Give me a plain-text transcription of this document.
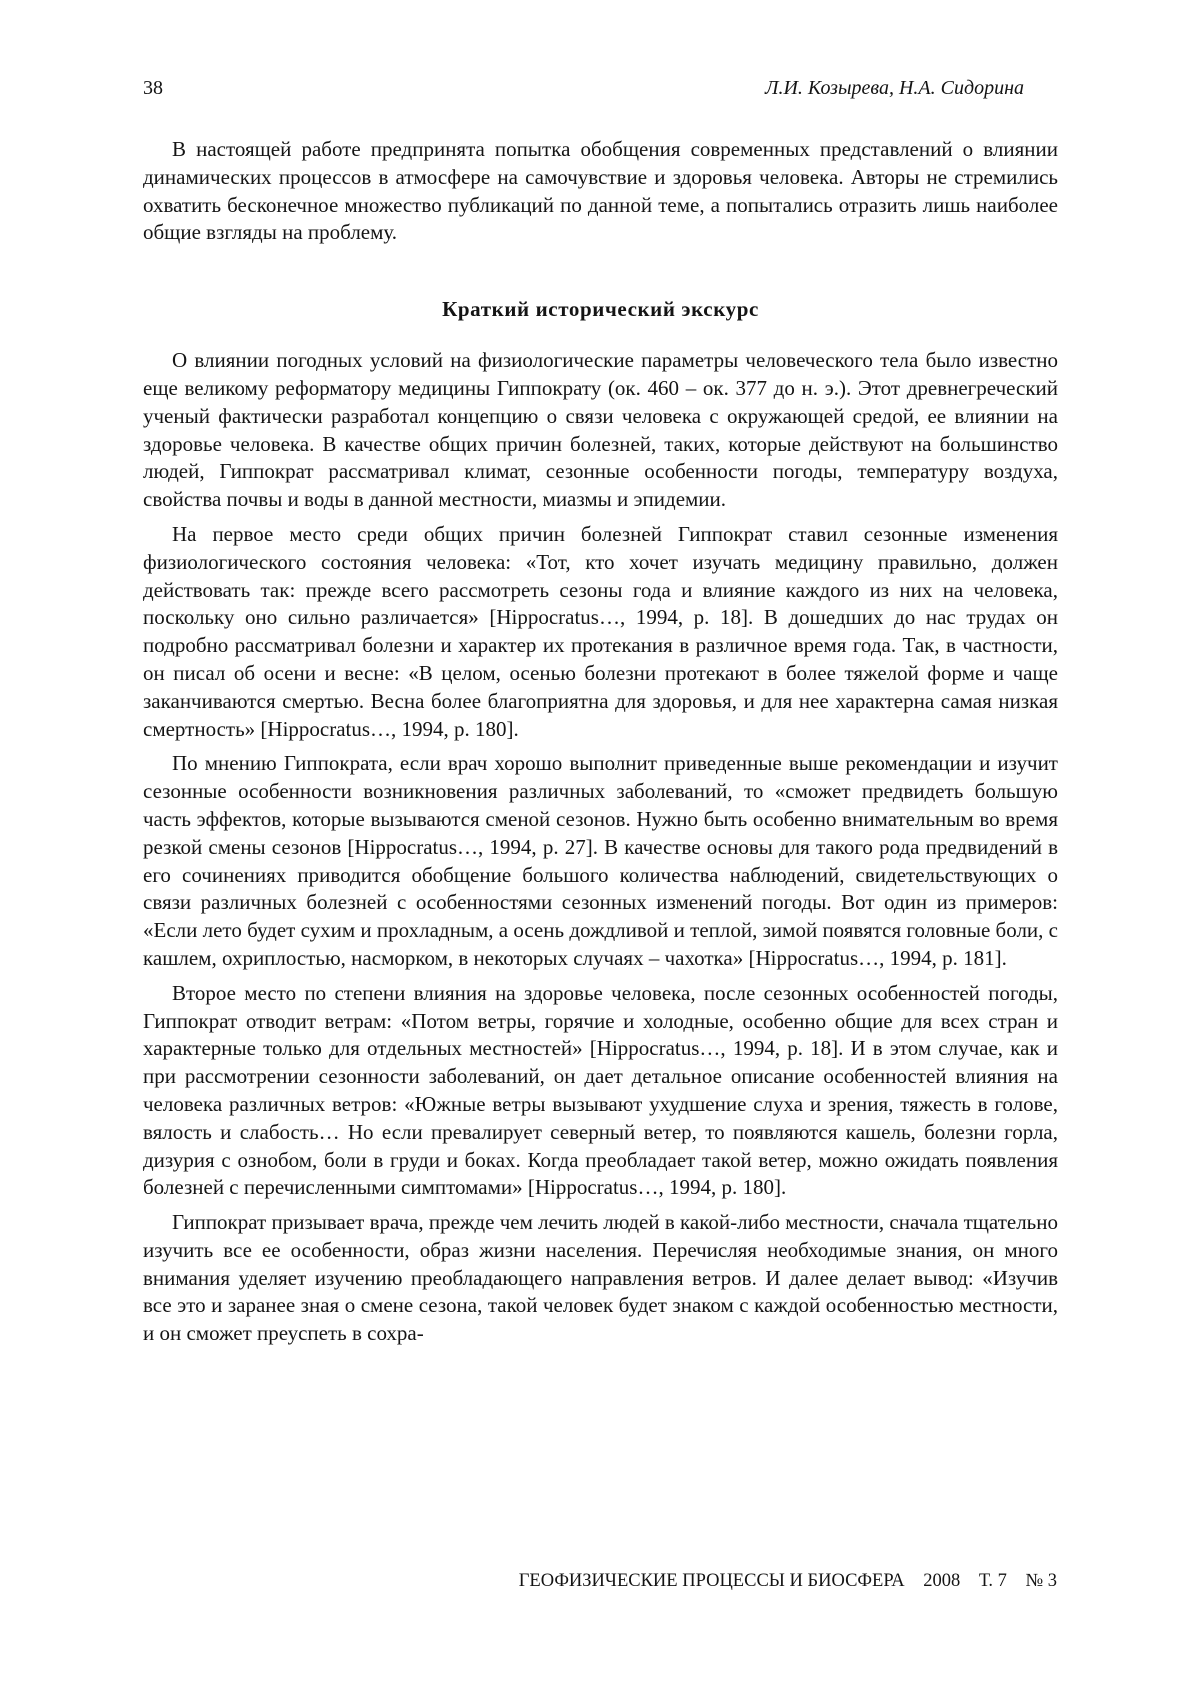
38	Л.И. Козырева, Н.А. Сидорина

В настоящей работе предпринята попытка обобщения современных представлений о влиянии динамических процессов в атмосфере на самочувствие и здоровья человека. Авторы не стремились охватить бесконечное множество публикаций по данной теме, а попытались отразить лишь наиболее общие взгляды на проблему.

Краткий исторический экскурс

О влиянии погодных условий на физиологические параметры человеческого тела было известно еще великому реформатору медицины Гиппократу (ок. 460 – ок. 377 до н. э.). Этот древнегреческий ученый фактически разработал концепцию о связи человека с окружающей средой, ее влиянии на здоровье человека. В качестве общих причин болезней, таких, которые действуют на большинство людей, Гиппократ рассматривал климат, сезонные особенности погоды, температуру воздуха, свойства почвы и воды в данной местности, миазмы и эпидемии.

На первое место среди общих причин болезней Гиппократ ставил сезонные изменения физиологического состояния человека: «Тот, кто хочет изучать медицину правильно, должен действовать так: прежде всего рассмотреть сезоны года и влияние каждого из них на человека, поскольку оно сильно различается» [Hippocratus…, 1994, p. 18]. В дошедших до нас трудах он подробно рассматривал болезни и характер их протекания в различное время года. Так, в частности, он писал об осени и весне: «В целом, осенью болезни протекают в более тяжелой форме и чаще заканчиваются смертью. Весна более благоприятна для здоровья, и для нее характерна самая низкая смертность» [Hippocratus…, 1994, p. 180].

По мнению Гиппократа, если врач хорошо выполнит приведенные выше рекомендации и изучит сезонные особенности возникновения различных заболеваний, то «сможет предвидеть большую часть эффектов, которые вызываются сменой сезонов. Нужно быть особенно внимательным во время резкой смены сезонов [Hippocratus…, 1994, p. 27]. В качестве основы для такого рода предвидений в его сочинениях приводится обобщение большого количества наблюдений, свидетельствующих о связи различных болезней с особенностями сезонных изменений погоды. Вот один из примеров: «Если лето будет сухим и прохладным, а осень дождливой и теплой, зимой появятся головные боли, с кашлем, охриплостью, насморком, в некоторых случаях – чахотка» [Hippocratus…, 1994, p. 181].

Второе место по степени влияния на здоровье человека, после сезонных особенностей погоды, Гиппократ отводит ветрам: «Потом ветры, горячие и холодные, особенно общие для всех стран и характерные только для отдельных местностей» [Hippocratus…, 1994, p. 18]. И в этом случае, как и при рассмотрении сезонности заболеваний, он дает детальное описание особенностей влияния на человека различных ветров: «Южные ветры вызывают ухудшение слуха и зрения, тяжесть в голове, вялость и слабость… Но если превалирует северный ветер, то появляются кашель, болезни горла, дизурия с ознобом, боли в груди и боках. Когда преобладает такой ветер, можно ожидать появления болезней с перечисленными симптомами» [Hippocratus…, 1994, p. 180].

Гиппократ призывает врача, прежде чем лечить людей в какой-либо местности, сначала тщательно изучить все ее особенности, образ жизни населения. Перечисляя необходимые знания, он много внимания уделяет изучению преобладающего направления ветров. И далее делает вывод: «Изучив все это и заранее зная о смене сезона, такой человек будет знаком с каждой особенностью местности, и он сможет преуспеть в сохра-

ГЕОФИЗИЧЕСКИЕ ПРОЦЕССЫ И БИОСФЕРА 2008 Т. 7 № 3
